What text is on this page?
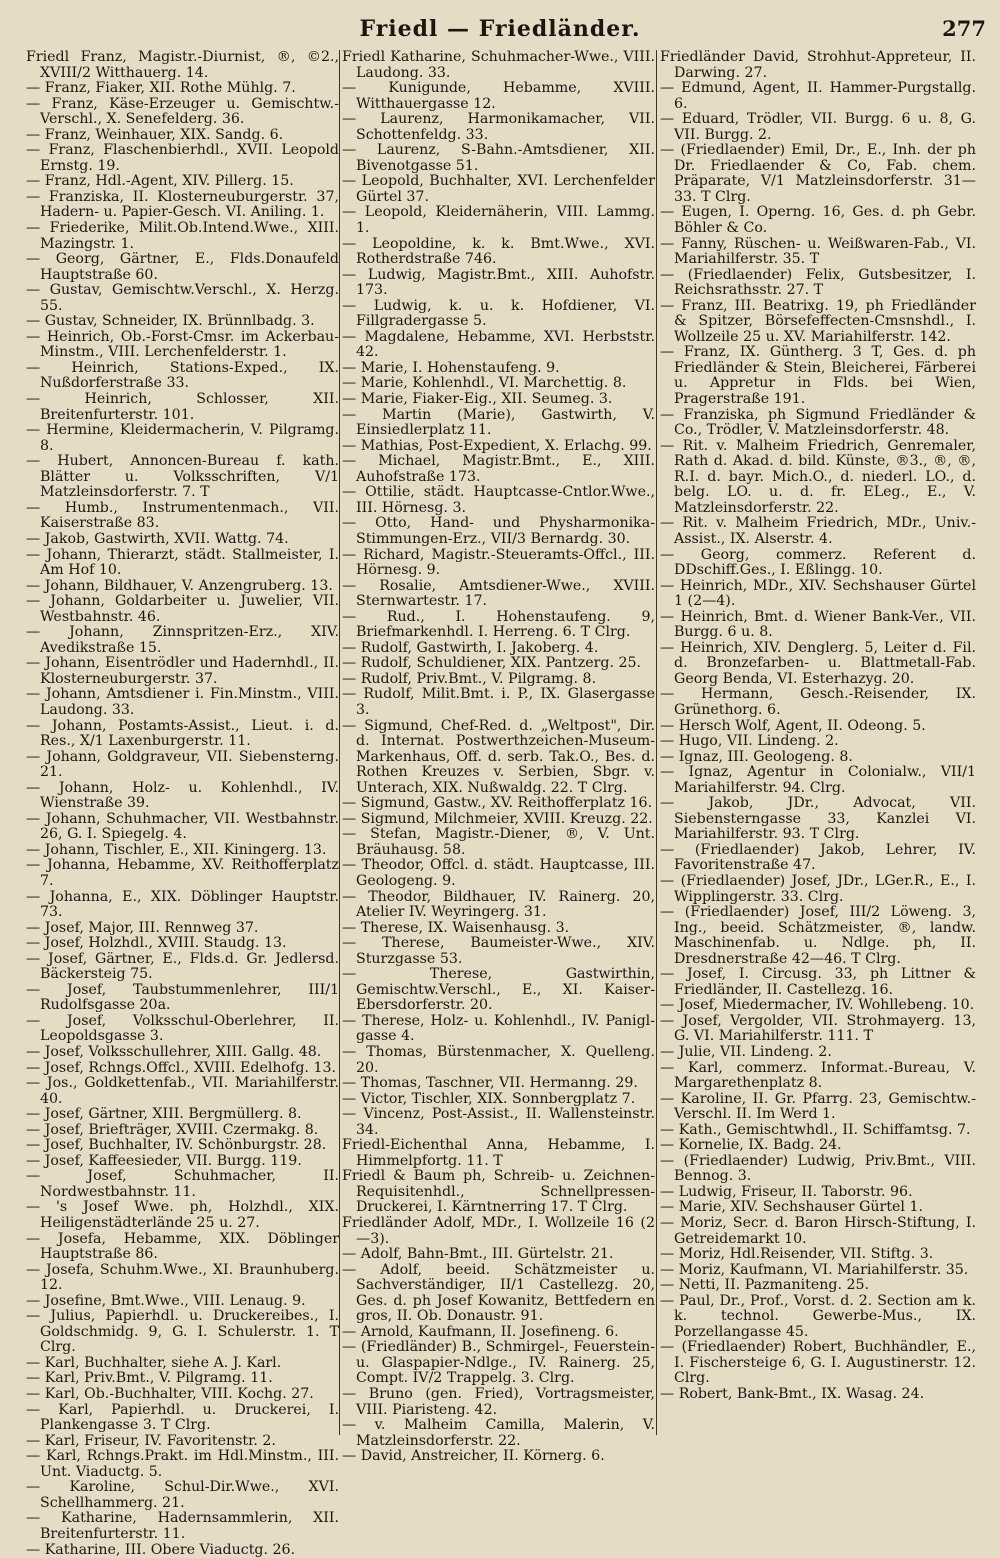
Friedl — Friedländer.	277

Friedl Franz, Magistr.-Diurnist, ®, ©2., XVIII/2 Witthauerg. 14.

— Franz, Fiaker, XII. Rothe Mühlg. 7.

— Franz, Käse-Erzeuger u. Gemischtw.-Verschl., X. Senefelderg. 36.

— Franz, Weinhauer, XIX. Sandg. 6.

— Franz, Flaschenbierhdl., XVII. Leopold Ernstg. 19.

— Franz, Hdl.-Agent, XIV. Pillerg. 15.

— Franziska, II. Klosterneuburgerstr. 37, Hadern- u. Papier-Gesch. VI. Aniling. 1.

— Friederike, Milit.Ob.Intend.Wwe., XIII. Mazingstr. 1.

— Georg, Gärtner, E., Flds.Donaufeld Hauptstraße 60.

— Gustav, Gemischtw.Verschl., X. Herzg. 55.

— Gustav, Schneider, IX. Brünnlbadg. 3.

— Heinrich, Ob.-Forst-Cmsr. im Ackerbau-Minstm., VIII. Lerchenfelderstr. 1.

— Heinrich, Stations-Exped., IX. Nußdorferstraße 33.

— Heinrich, Schlosser, XII. Breitenfurterstr. 101.

— Hermine, Kleidermacherin, V. Pilgramg. 8.

— Hubert, Annoncen-Bureau f. kath. Blätter u. Volksschriften, V/1 Matzleinsdorferstr. 7. T

— Humb., Instrumentenmach., VII. Kaiserstraße 83.

— Jakob, Gastwirth, XVII. Wattg. 74.

— Johann, Thierarzt, städt. Stallmeister, I. Am Hof 10.

— Johann, Bildhauer, V. Anzengruberg. 13.

— Johann, Goldarbeiter u. Juwelier, VII. Westbahnstr. 46.

— Johann, Zinnspritzen-Erz., XIV. Avedikstraße 15.

— Johann, Eisentrödler und Hadernhdl., II. Klosterneuburgerstr. 37.

— Johann, Amtsdiener i. Fin.Minstm., VIII. Laudong. 33.

— Johann, Postamts-Assist., Lieut. i. d. Res., X/1 Laxenburgerstr. 11.

— Johann, Goldgraveur, VII. Siebensterng. 21.

— Johann, Holz- u. Kohlenhdl., IV. Wienstraße 39.

— Johann, Schuhmacher, VII. Westbahnstr. 26, G. I. Spiegelg. 4.

— Johann, Tischler, E., XII. Kiningerg. 13.

— Johanna, Hebamme, XV. Reithofferplatz 7.

— Johanna, E., XIX. Döblinger Hauptstr. 73.

— Josef, Major, III. Rennweg 37.

— Josef, Holzhdl., XVIII. Staudg. 13.

— Josef, Gärtner, E., Flds.d. Gr. Jedlersd. Bäckersteig 75.

— Josef, Taubstummenlehrer, III/1 Rudolfsgasse 20a.

— Josef, Volksschul-Oberlehrer, II. Leopoldsgasse 3.

— Josef, Volksschullehrer, XIII. Gallg. 48.

— Josef, Rchngs.Offcl., XVIII. Edelhofg. 13.

— Jos., Goldkettenfab., VII. Mariahilferstr. 40.

— Josef, Gärtner, XIII. Bergmüllerg. 8.

— Josef, Briefträger, XVIII. Czermakg. 8.

— Josef, Buchhalter, IV. Schönburgstr. 28.

— Josef, Kaffeesieder, VII. Burgg. 119.

— Josef, Schuhmacher, II. Nordwestbahnstr. 11.

— 's Josef Wwe. ph, Holzhdl., XIX. Heiligenstädterlände 25 u. 27.

— Josefa, Hebamme, XIX. Döblinger Hauptstraße 86.

— Josefa, Schuhm.Wwe., XI. Braunhuberg. 12.

— Josefine, Bmt.Wwe., VIII. Lenaug. 9.

— Julius, Papierhdl. u. Druckereibes., I. Goldschmidg. 9, G. I. Schulerstr. 1. T Clrg.

— Karl, Buchhalter, siehe A. J. Karl.

— Karl, Priv.Bmt., V. Pilgramg. 11.

— Karl, Ob.-Buchhalter, VIII. Kochg. 27.

— Karl, Papierhdl. u. Druckerei, I. Plankengasse 3. T Clrg.

— Karl, Friseur, IV. Favoritenstr. 2.

— Karl, Rchngs.Prakt. im Hdl.Minstm., III. Unt. Viaductg. 5.

— Karoline, Schul-Dir.Wwe., XVI. Schellhammerg. 21.

— Katharine, Hadernsammlerin, XII. Breitenfurterstr. 11.

— Katharine, III. Obere Viaductg. 26.

Friedl Katharine, Schuhmacher-Wwe., VIII. Laudong. 33.

— Kunigunde, Hebamme, XVIII. Witthauergasse 12.

— Laurenz, Harmonikamacher, VII. Schottenfeldg. 33.

— Laurenz, S-Bahn.-Amtsdiener, XII. Bivenotgasse 51.

— Leopold, Buchhalter, XVI. Lerchenfelder Gürtel 37.

— Leopold, Kleidernäherin, VIII. Lammg. 1.

— Leopoldine, k. k. Bmt.Wwe., XVI. Rotherdstraße 746.

— Ludwig, Magistr.Bmt., XIII. Auhofstr. 173.

— Ludwig, k. u. k. Hofdiener, VI. Fillgradergasse 5.

— Magdalene, Hebamme, XVI. Herbststr. 42.

— Marie, I. Hohenstaufeng. 9.

— Marie, Kohlenhdl., VI. Marchettig. 8.

— Marie, Fiaker-Eig., XII. Seumeg. 3.

— Martin (Marie), Gastwirth, V. Einsiedlerplatz 11.

— Mathias, Post-Expedient, X. Erlachg. 99.

— Michael, Magistr.Bmt., E., XIII. Auhofstraße 173.

— Ottilie, städt. Hauptcasse-Cntlor.Wwe., III. Hörnesg. 3.

— Otto, Hand- und Physharmonika-Stimmungen-Erz., VII/3 Bernardg. 30.

— Richard, Magistr.-Steueramts-Offcl., III. Hörnesg. 9.

— Rosalie, Amtsdiener-Wwe., XVIII. Sternwartestr. 17.

— Rud., I. Hohenstaufeng. 9, Briefmarkenhdl. I. Herreng. 6. T Clrg.

— Rudolf, Gastwirth, I. Jakoberg. 4.

— Rudolf, Schuldiener, XIX. Pantzerg. 25.

— Rudolf, Priv.Bmt., V. Pilgramg. 8.

— Rudolf, Milit.Bmt. i. P., IX. Glasergasse 3.

— Sigmund, Chef-Red. d. „Weltpost", Dir. d. Internat. Postwerthzeichen-Museum-Markenhaus, Off. d. serb. Tak.O., Bes. d. Rothen Kreuzes v. Serbien, Sbgr. v. Unterach, XIX. Nußwaldg. 22. T Clrg.

— Sigmund, Gastw., XV. Reithofferplatz 16.

— Sigmund, Milchmeier, XVIII. Kreuzg. 22.

— Stefan, Magistr.-Diener, ®, V. Unt. Bräuhausg. 58.

— Theodor, Offcl. d. städt. Hauptcasse, III. Geologeng. 9.

— Theodor, Bildhauer, IV. Rainerg. 20, Atelier IV. Weyringerg. 31.

— Therese, IX. Waisenhausg. 3.

— Therese, Baumeister-Wwe., XIV. Sturzgasse 53.

— Therese, Gastwirthin, Gemischtw.Verschl., E., XI. Kaiser-Ebersdorferstr. 20.

— Therese, Holz- u. Kohlenhdl., IV. Panigl-gasse 4.

— Thomas, Bürstenmacher, X. Quelleng. 20.

— Thomas, Taschner, VII. Hermanng. 29.

— Victor, Tischler, XIX. Sonnbergplatz 7.

— Vincenz, Post-Assist., II. Wallensteinstr. 34.

Friedl-Eichenthal Anna, Hebamme, I. Himmelpfortg. 11. T

Friedl & Baum ph, Schreib- u. Zeichnen-Requisitenhdl., Schnellpressen-Druckerei, I. Kärntnerring 17. T Clrg.

Friedländer Adolf, MDr., I. Wollzeile 16 (2—3).

— Adolf, Bahn-Bmt., III. Gürtelstr. 21.

— Adolf, beeid. Schätzmeister u. Sachverständiger, II/1 Castellezg. 20, Ges. d. ph Josef Kowanitz, Bettfedern en gros, II. Ob. Donaustr. 91.

— Arnold, Kaufmann, II. Josefineng. 6.

— (Friedländer) B., Schmirgel-, Feuerstein- u. Glaspapier-Ndlge., IV. Rainerg. 25, Compt. IV/2 Trappelg. 3. Clrg.

— Bruno (gen. Fried), Vortragsmeister, VIII. Piaristeng. 42.

— v. Malheim Camilla, Malerin, V. Matzleinsdorferstr. 22.

— David, Anstreicher, II. Körnerg. 6.

Friedländer David, Strohhut-Appreteur, II. Darwing. 27.

— Edmund, Agent, II. Hammer-Purgstallg. 6.

— Eduard, Trödler, VII. Burgg. 6 u. 8, G. VII. Burgg. 2.

— (Friedlaender) Emil, Dr., E., Inh. der ph Dr. Friedlaender & Co, Fab. chem. Präparate, V/1 Matzleinsdorferstr. 31—33. T Clrg.

— Eugen, I. Operng. 16, Ges. d. ph Gebr. Böhler & Co.

— Fanny, Rüschen- u. Weißwaren-Fab., VI. Mariahilferstr. 35. T

— (Friedlaender) Felix, Gutsbesitzer, I. Reichsrathsstr. 27. T

— Franz, III. Beatrixg. 19, ph Friedländer & Spitzer, Börsefeffecten-Cmsnshdl., I. Wollzeile 25 u. XV. Mariahilferstr. 142.

— Franz, IX. Güntherg. 3 T, Ges. d. ph Friedländer & Stein, Bleicherei, Färberei u. Appretur in Flds. bei Wien, Pragerstraße 191.

— Franziska, ph Sigmund Friedländer & Co., Trödler, V. Matzleinsdorferstr. 48.

— Rit. v. Malheim Friedrich, Genremaler, Rath d. Akad. d. bild. Künste, ®3., ®, ®, R.I. d. bayr. Mich.O., d. niederl. LO., d. belg. LO. u. d. fr. ELeg., E., V. Matzleinsdorferstr. 22.

— Rit. v. Malheim Friedrich, MDr., Univ.-Assist., IX. Alserstr. 4.

— Georg, commerz. Referent d. DDschiff.Ges., I. Eßlingg. 10.

— Heinrich, MDr., XIV. Sechshauser Gürtel 1 (2—4).

— Heinrich, Bmt. d. Wiener Bank-Ver., VII. Burgg. 6 u. 8.

— Heinrich, XIV. Denglerg. 5, Leiter d. Fil. d. Bronzefarben- u. Blattmetall-Fab. Georg Benda, VI. Esterhazyg. 20.

— Hermann, Gesch.-Reisender, IX. Grünethorg. 6.

— Hersch Wolf, Agent, II. Odeong. 5.

— Hugo, VII. Lindeng. 2.

— Ignaz, III. Geologeng. 8.

— Ignaz, Agentur in Colonialw., VII/1 Mariahilferstr. 94. Clrg.

— Jakob, JDr., Advocat, VII. Siebensterngasse 33, Kanzlei VI. Mariahilferstr. 93. T Clrg.

— (Friedlaender) Jakob, Lehrer, IV. Favoritenstraße 47.

— (Friedlaender) Josef, JDr., LGer.R., E., I. Wipplingerstr. 33. Clrg.

— (Friedlaender) Josef, III/2 Löweng. 3, Ing., beeid. Schätzmeister, ®, landw. Maschinenfab. u. Ndlge. ph, II. Dresdnerstraße 42—46. T Clrg.

— Josef, I. Circusg. 33, ph Littner & Friedländer, II. Castellezg. 16.

— Josef, Miedermacher, IV. Wohllebeng. 10.

— Josef, Vergolder, VII. Strohmayerg. 13, G. VI. Mariahilferstr. 111. T

— Julie, VII. Lindeng. 2.

— Karl, commerz. Informat.-Bureau, V. Margarethenplatz 8.

— Karoline, II. Gr. Pfarrg. 23, Gemischtw.-Verschl. II. Im Werd 1.

— Kath., Gemischtwhdl., II. Schiffamtsg. 7.

— Kornelie, IX. Badg. 24.

— (Friedlaender) Ludwig, Priv.Bmt., VIII. Bennog. 3.

— Ludwig, Friseur, II. Taborstr. 96.

— Marie, XIV. Sechshauser Gürtel 1.

— Moriz, Secr. d. Baron Hirsch-Stiftung, I. Getreidemarkt 10.

— Moriz, Hdl.Reisender, VII. Stiftg. 3.

— Moriz, Kaufmann, VI. Mariahilferstr. 35.

— Netti, II. Pazmaniteng. 25.

— Paul, Dr., Prof., Vorst. d. 2. Section am k. k. technol. Gewerbe-Mus., IX. Porzellangasse 45.

— (Friedlaender) Robert, Buchhändler, E., I. Fischersteige 6, G. I. Augustinerstr. 12. Clrg.

— Robert, Bank-Bmt., IX. Wasag. 24.
